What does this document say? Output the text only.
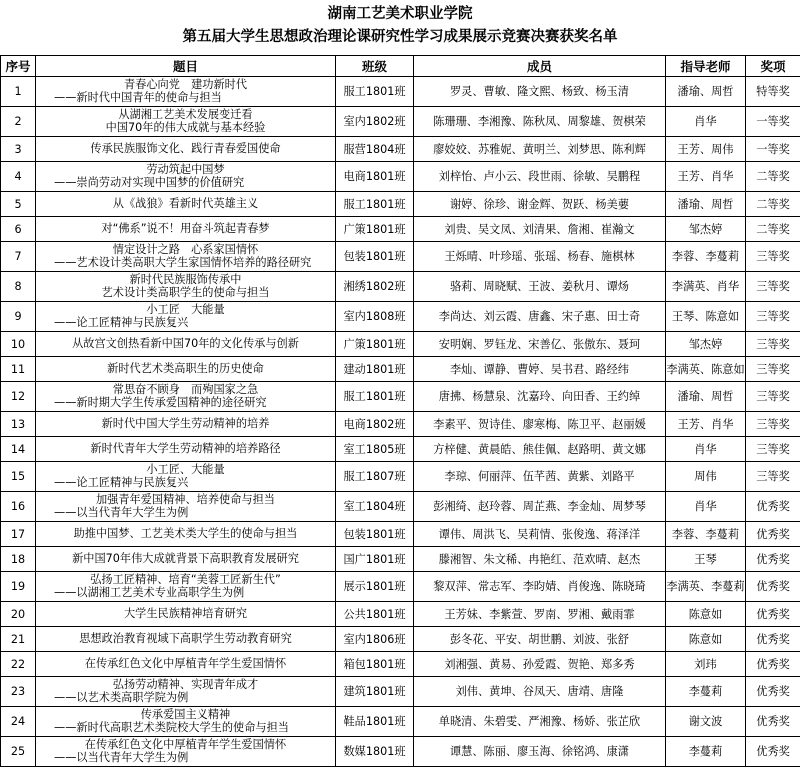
湖南工艺美术职业学院
第五届大学生思想政治理论课研究性学习成果展示竞赛决赛获奖名单
序号	题目	班级	成员	指导老师	奖项
1	青春心向党　建功新时代
——新时代中国青年的使命与担当	服工1801班	罗灵、曹敏、隆文熙、杨致、杨玉清	潘瑜、周哲	特等奖
2	从湖湘工艺美术发展变迁看
中国70年的伟大成就与基本经验	室内1802班	陈珊珊、李湘豫、陈秋凤、周黎雄、贺棋荣	肖华	一等奖
3	传承民族服饰文化、践行青春爱国使命	服营1804班	廖姣姣、苏雅妮、黄明兰、刘梦思、陈利辉	王芳、周伟	一等奖
4	劳动筑起中国梦
——崇尚劳动对实现中国梦的价值研究	电商1801班	刘梓怡、卢小云、段世雨、徐敏、吴鹏程	王芳、肖华	二等奖
5	从《战狼》看新时代英雄主义	服工1801班	谢婷、徐珍、谢金辉、贺跃、杨美葽	潘瑜、周哲	二等奖
6	对“佛系”说不！用奋斗筑起青春梦	广策1801班	刘贵、吴文凤、刘清果、詹湘、崔瀚文	邹杰婷	二等奖
7	情定设计之路　心系家国情怀
——艺术设计类高职大学生家国情怀培养的路径研究	包装1801班	王烁晴、叶珍瑶、张瑶、杨春、施棋林	李蓉、李蔓莉	三等奖
8	新时代民族服饰传承中
艺术设计类高职学生的使命与担当	湘绣1802班	骆莉、周晓赋、王波、姜秋月、谭炀	李满英、肖华	三等奖
9	小工匠　大能量
——论工匠精神与民族复兴	室内1808班	李尚达、刘云霞、唐鑫、宋子惠、田士奇	王琴、陈意如	三等奖
10	从故宫文创热看新中国70年的文化传承与创新	广策1801班	安明娴、罗钰龙、宋善亿、张傲东、聂珂	邹杰婷	三等奖
11	新时代艺术类高职生的历史使命	建动1801班	李灿、谭静、曹婷、吴书君、路经纬	李满英、陈意如	三等奖
12	常思奋不顾身　而殉国家之急
——新时期大学生传承爱国精神的途径研究	服工1801班	唐拂、杨慧泉、沈嘉玲、向田香、王约绰	潘瑜、周哲	三等奖
13	新时代中国大学生劳动精神的培养	电商1802班	李素平、贺诗佳、廖寒梅、陈卫平、赵丽媛	王芳、肖华	三等奖
14	新时代青年大学生劳动精神的培养路径	室工1805班	方梓健、黄晨皓、熊佳佩、赵路明、黄文娜	肖华	三等奖
15	小工匠、大能量
——论工匠精神与民族复兴	服工1807班	李琼、何丽萍、伍芊茜、黄紫、刘路平	周伟	三等奖
16	加强青年爱国精神、培养使命与担当
——以当代青年大学生为例	室工1804班	彭湘绮、赵玲蓉、周芷燕、李金灿、周梦琴	肖华	优秀奖
17	助推中国梦、工艺美术类大学生的使命与担当	包装1801班	谭伟、周洪飞、吴莉情、张俊逸、蒋泽洋	李蓉、李蔓莉	优秀奖
18	新中国70年伟大成就背景下高职教育发展研究	国广1801班	滕湘智、朱文稀、冉艳红、范欢晴、赵杰	王琴	优秀奖
19	弘扬工匠精神、培育“美蓉工匠新生代”
——以湖湘工艺美术专业高职学生为例	展示1801班	黎双萍、常志军、李昀婧、肖俊逸、陈晓琦	李满英、李蔓莉	优秀奖
20	大学生民族精神培育研究	公共1801班	王芳妹、李紫萱、罗南、罗湘、戴雨霏	陈意如	优秀奖
21	思想政治教育视域下高职学生劳动教育研究	室内1806班	彭冬花、平安、胡世鹏、刘波、张舒	陈意如	优秀奖
22	在传承红色文化中厚植青年学生爱国情怀	箱包1801班	刘湘强、黄易、孙爱霞、贺艳、郑多秀	刘玮	优秀奖
23	弘扬劳动精神、实现青年成才
——以艺术类高职学院为例	建筑1801班	刘伟、黄坤、谷凤天、唐靖、唐隆	李蔓莉	优秀奖
24	传承爱国主义精神
——新时代高职艺术类院校大学生的使命与担当	鞋品1801班	单晓清、朱碧雯、严湘豫、杨娇、张芷欣	谢文波	优秀奖
25	在传承红色文化中厚植青年学生爱国情怀
——以当代青年大学生为例	数媒1801班	谭慧、陈丽、廖玉海、徐铭鸿、康潇	李蔓莉	优秀奖
